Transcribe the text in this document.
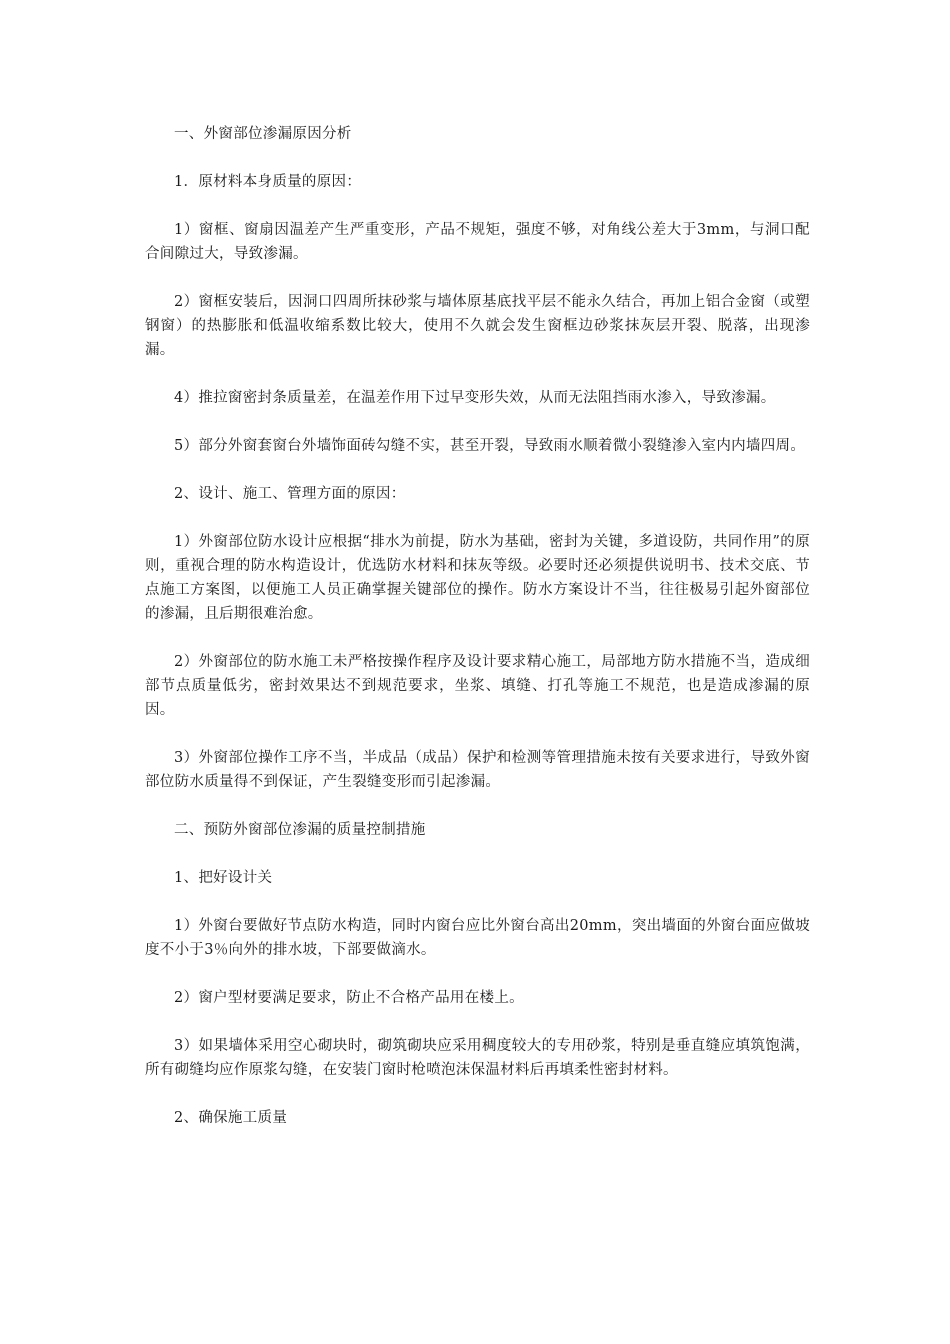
一、外窗部位渗漏原因分析

1．原材料本身质量的原因：

1）窗框、窗扇因温差产生严重变形，产品不规矩，强度不够，对角线公差大于3mm，与洞口配合间隙过大，导致渗漏。

2）窗框安装后，因洞口四周所抹砂浆与墙体原基底找平层不能永久结合，再加上铝合金窗（或塑钢窗）的热膨胀和低温收缩系数比较大，使用不久就会发生窗框边砂浆抹灰层开裂、脱落，出现渗漏。

4）推拉窗密封条质量差，在温差作用下过早变形失效，从而无法阻挡雨水渗入，导致渗漏。

5）部分外窗套窗台外墙饰面砖勾缝不实，甚至开裂，导致雨水顺着微小裂缝渗入室内内墙四周。

2、设计、施工、管理方面的原因：

1）外窗部位防水设计应根据“排水为前提，防水为基础，密封为关键，多道设防，共同作用”的原则，重视合理的防水构造设计，优选防水材料和抹灰等级。必要时还必须提供说明书、技术交底、节点施工方案图，以便施工人员正确掌握关键部位的操作。防水方案设计不当，往往极易引起外窗部位的渗漏，且后期很难治愈。

2）外窗部位的防水施工未严格按操作程序及设计要求精心施工，局部地方防水措施不当，造成细部节点质量低劣，密封效果达不到规范要求，坐浆、填缝、打孔等施工不规范，也是造成渗漏的原因。

3）外窗部位操作工序不当，半成品（成品）保护和检测等管理措施未按有关要求进行，导致外窗部位防水质量得不到保证，产生裂缝变形而引起渗漏。

二、预防外窗部位渗漏的质量控制措施

1、把好设计关

1）外窗台要做好节点防水构造，同时内窗台应比外窗台高出20mm，突出墙面的外窗台面应做坡度不小于3％向外的排水坡，下部要做滴水。

2）窗户型材要满足要求，防止不合格产品用在楼上。

3）如果墙体采用空心砌块时，砌筑砌块应采用稠度较大的专用砂浆，特别是垂直缝应填筑饱满，所有砌缝均应作原浆勾缝，在安装门窗时枪喷泡沫保温材料后再填柔性密封材料。

2、确保施工质量
